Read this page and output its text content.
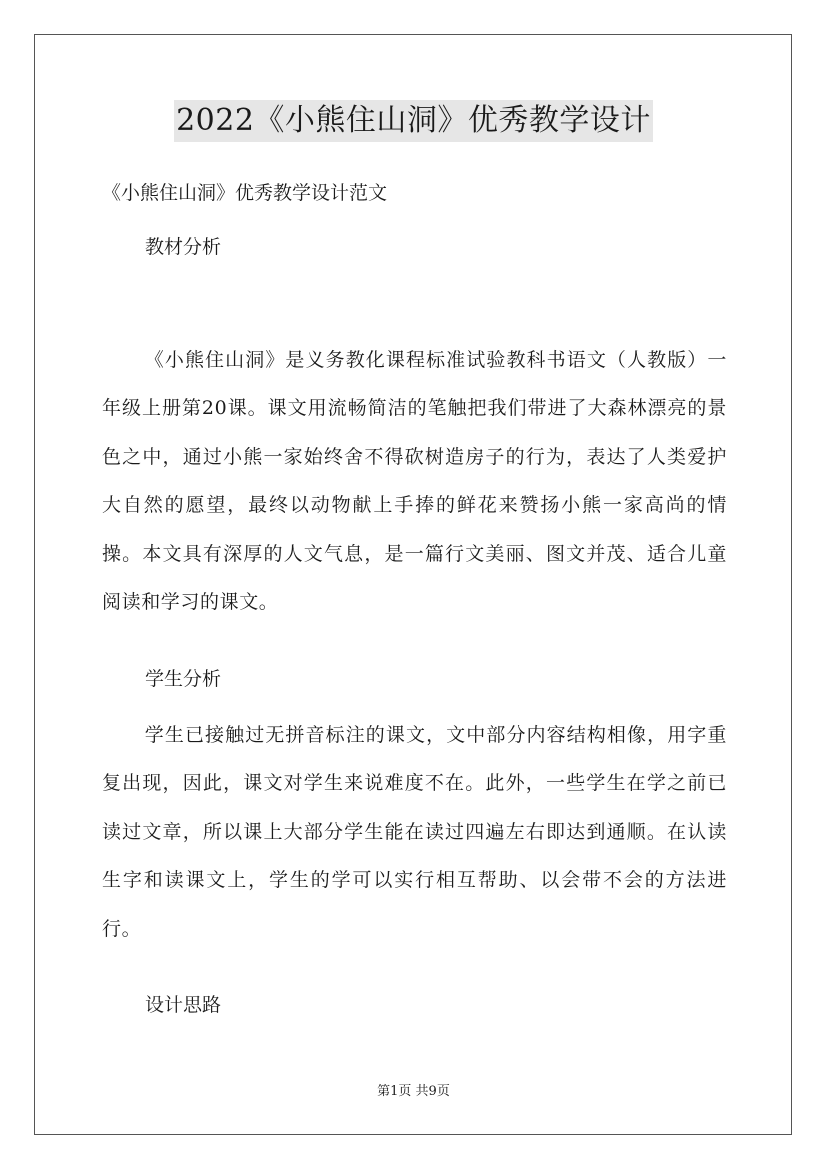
2022《小熊住山洞》优秀教学设计

《小熊住山洞》优秀教学设计范文

教材分析

《小熊住山洞》是义务教化课程标准试验教科书语文（人教版）一年级上册第20课。课文用流畅简洁的笔触把我们带进了大森林漂亮的景色之中，通过小熊一家始终舍不得砍树造房子的行为，表达了人类爱护大自然的愿望，最终以动物献上手捧的鲜花来赞扬小熊一家高尚的情操。本文具有深厚的人文气息，是一篇行文美丽、图文并茂、适合儿童阅读和学习的课文。

学生分析

学生已接触过无拼音标注的课文，文中部分内容结构相像，用字重复出现，因此，课文对学生来说难度不在。此外，一些学生在学之前已读过文章，所以课上大部分学生能在读过四遍左右即达到通顺。在认读生字和读课文上，学生的学可以实行相互帮助、以会带不会的方法进行。

设计思路
第1页 共9页
